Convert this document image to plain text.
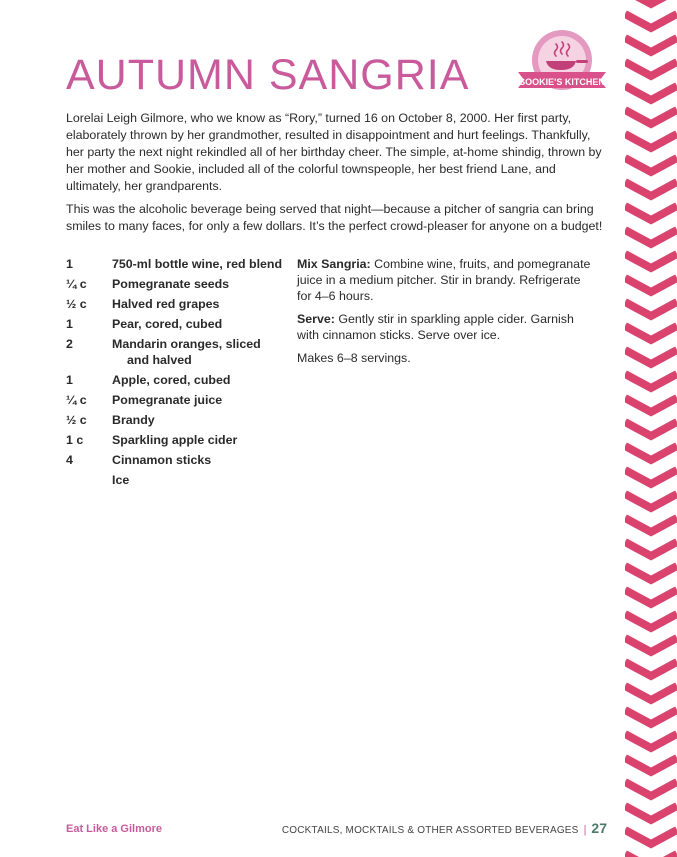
SOOKIE'S KITCHEN
AUTUMN SANGRIA

Lorelai Leigh Gilmore, who we know as “Rory,” turned 16 on October 8, 2000. Her first party, elaborately thrown by her grandmother, resulted in disappointment and hurt feelings. Thankfully, her party the next night rekindled all of her birthday cheer. The simple, at-home shindig, thrown by her mother and Sookie, included all of the colorful townspeople, her best friend Lane, and ultimately, her grandparents.

This was the alcoholic beverage being served that night—because a pitcher of sangria can bring smiles to many faces, for only a few dollars. It’s the perfect crowd-pleaser for anyone on a budget!

1	750-ml bottle wine, red blend
¼ c	Pomegranate seeds
½ c	Halved red grapes
1	Pear, cored, cubed
2	Mandarin oranges, sliced
and halved
1	Apple, cored, cubed
¼ c	Pomegranate juice
½ c	Brandy
1 c	Sparkling apple cider
4	Cinnamon sticks
Ice

Mix Sangria: Combine wine, fruits, and pomegranate juice in a medium pitcher. Stir in brandy. Refrigerate for 4–6 hours.

Serve: Gently stir in sparkling apple cider. Garnish with cinnamon sticks. Serve over ice.

Makes 6–8 servings.

Eat Like a Gilmore	COCKTAILS, MOCKTAILS & OTHER ASSORTED BEVERAGES | 27
